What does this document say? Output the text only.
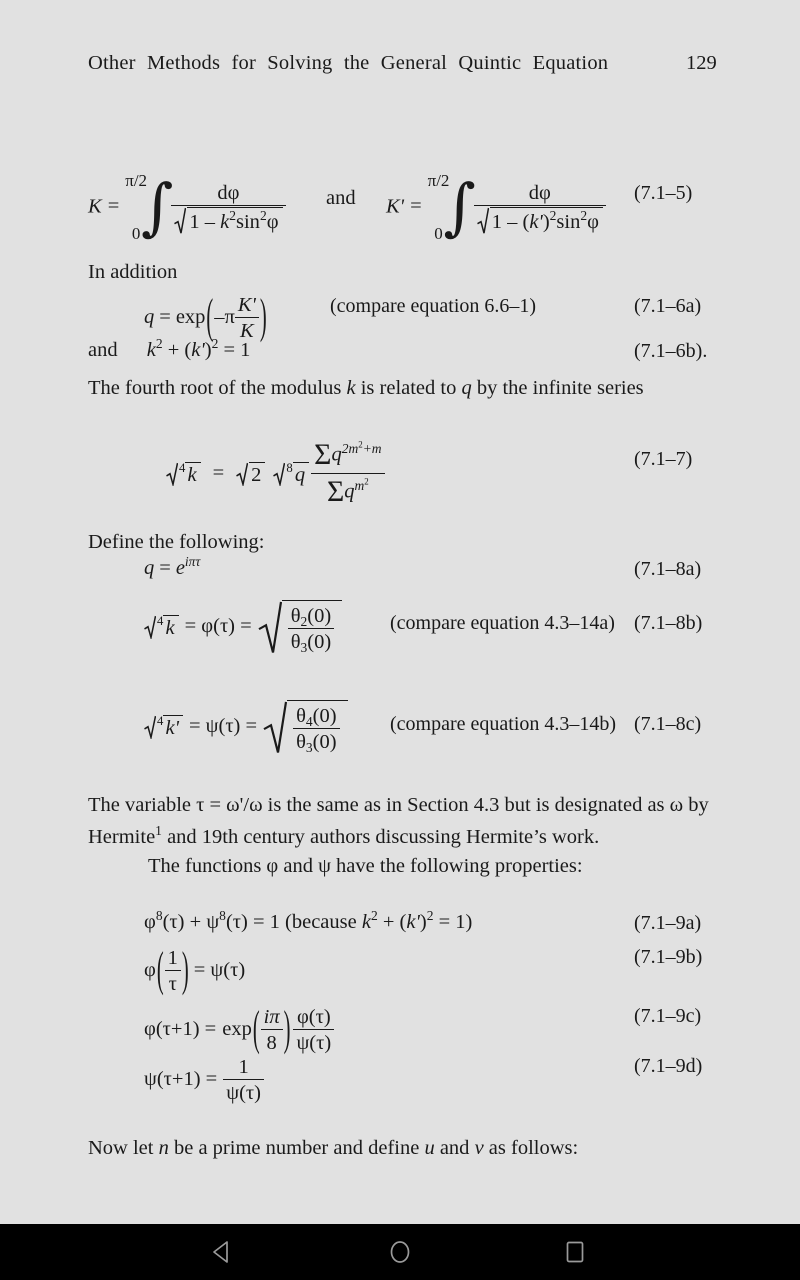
Other Methods for Solving the General Quintic Equation	129
K =
π/2
0 ∫
$\frac{d\varphi}{1 - k^2\sin^2\varphi}$ and K' =
π/2
0 ∫
$\frac{d\varphi}{1 - (k')^2\sin^2\varphi} (7.1-5)$
In addition
$q = \exp(-\pi \frac{K'}{K}$ )	(compare equation 6.6–1)	(7.1–6a)
and $k^2 + (k')^2 = 1$	(7.1–6b).
The fourth root of the modulus k is related to q by the infinite series
$^4$ k = 2 $^8$ q $\frac{\Sigma q^{2m^2+m}}{\Sigma q^{m^2}}$	(7.1–7)
Define the following:
$q = e^{i\pi\tau}$	(7.1–8a)
$^4$ $k = \varphi(\tau) = \frac{\theta_2(0)}{\theta_3(0)}$	(compare equation 4.3–14a) (7.1–8b)
$^4$ $k' = \psi(\tau) = \frac{\theta_4(0)}{\theta_3(0)}$	(compare equation 4.3–14b) (7.1–8c)
The variable τ = ω'/ω is the same as in Section 4.3 but is designated as ω by
Hermite$^1$ and 19th century authors discussing Hermite’s work.
The functions φ and ψ have the following properties:
$\varphi^8(\tau) + \psi^8(\tau) = 1$ (because $k^2 + (k')^2 = 1$)	(7.1–9a)
$\varphi( \frac{1}{\tau}$ ) = ψ(τ)
(7.1–9b)
$\varphi(\tau+1) = \exp( \frac{i\pi}{8}$ ) $\frac{\varphi(\tau)}{\psi(\tau)}$	(7.1–9c)
$\psi(\tau+1) = \frac{1}{\psi(\tau)}$	(7.1–9d)
Now let n be a prime number and define u and v as follows:
